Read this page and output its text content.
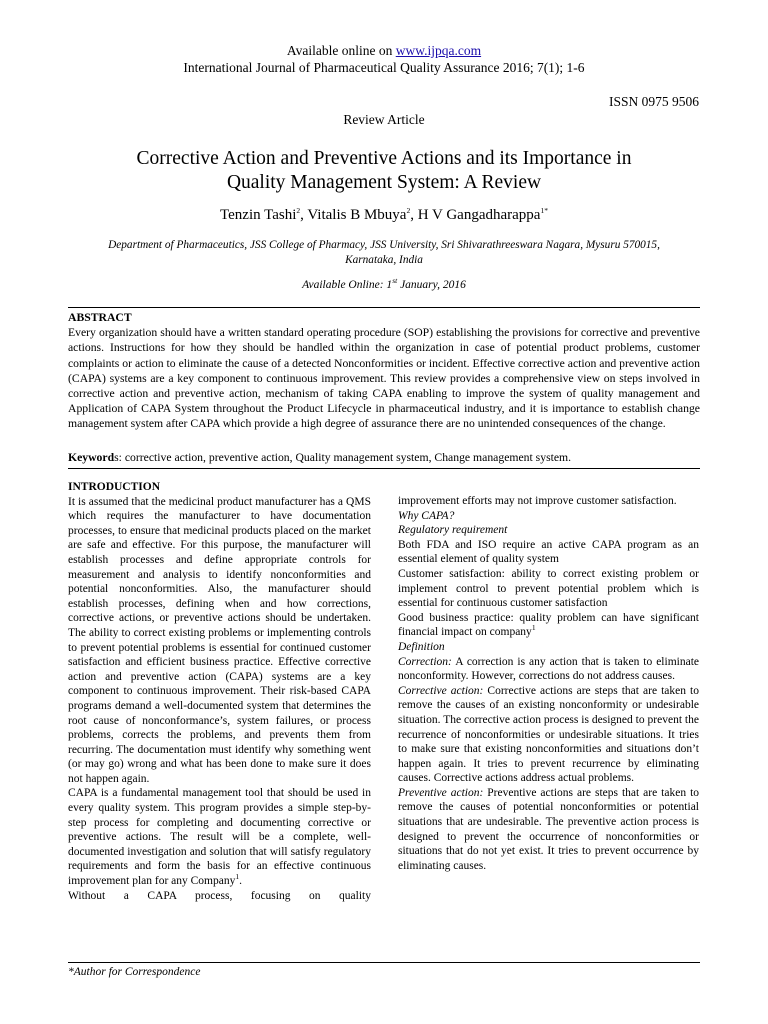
Available online on www.ijpqa.com
International Journal of Pharmaceutical Quality Assurance 2016; 7(1); 1-6
ISSN 0975 9506
Review Article
Corrective Action and Preventive Actions and its Importance in
Quality Management System: A Review
Tenzin Tashi$^2$, Vitalis B Mbuya$^2$, H V Gangadharappa$^{1*}$
Department of Pharmaceutics, JSS College of Pharmacy, JSS University, Sri Shivarathreeswara Nagara, Mysuru 570015, Karnataka, India
Available Online: 1st January, 2016
ABSTRACT
Every organization should have a written standard operating procedure (SOP) establishing the provisions for corrective and preventive actions. Instructions for how they should be handled within the organization in case of potential product problems, customer complaints or action to eliminate the cause of a detected Nonconformities or incident. Effective corrective action and preventive action (CAPA) systems are a key component to continuous improvement. This review provides a comprehensive view on steps involved in corrective action and preventive action, mechanism of taking CAPA enabling to improve the system of quality management and Application of CAPA System throughout the Product Lifecycle in pharmaceutical industry, and it is importance to establish change management system after CAPA which provide a high degree of assurance there are no unintended consequences of the change.
Keywords: corrective action, preventive action, Quality management system, Change management system.

INTRODUCTION

It is assumed that the medicinal product manufacturer has a QMS which requires the manufacturer to have documentation processes, to ensure that medicinal products placed on the market are safe and effective. For this purpose, the manufacturer will establish processes and define appropriate controls for measurement and analysis to identify nonconformities and potential nonconformities. Also, the manufacturer should establish processes, defining when and how corrections, corrective actions, or preventive actions should be undertaken. The ability to correct existing problems or implementing controls to prevent potential problems is essential for continued customer satisfaction and efficient business practice. Effective corrective action and preventive action (CAPA) systems are a key component to continuous improvement. Their risk-based CAPA programs demand a well-documented system that determines the root cause of nonconformance’s, system failures, or process problems, corrects the problems, and prevents them from recurring. The documentation must identify why something went (or may go) wrong and what has been done to make sure it does not happen again.

CAPA is a fundamental management tool that should be used in every quality system. This program provides a simple step-by-step process for completing and documenting corrective or preventive actions. The result will be a complete, well-documented investigation and solution that will satisfy regulatory requirements and form the basis for an effective continuous improvement plan for any Company$^1$.

Without a CAPA process, focusing on quality

improvement efforts may not improve customer satisfaction.

Why CAPA?

Regulatory requirement

Both FDA and ISO require an active CAPA program as an essential element of quality system

Customer satisfaction: ability to correct existing problem or implement control to prevent potential problem which is essential for continuous customer satisfaction

Good business practice: quality problem can have significant financial impact on company$^1$

Definition

Correction: A correction is any action that is taken to eliminate nonconformity. However, corrections do not address causes.

Corrective action: Corrective actions are steps that are taken to remove the causes of an existing nonconformity or undesirable situation. The corrective action process is designed to prevent the recurrence of nonconformities or undesirable situations. It tries to make sure that existing nonconformities and situations don’t happen again. It tries to prevent recurrence by eliminating causes. Corrective actions address actual problems.

Preventive action: Preventive actions are steps that are taken to remove the causes of potential nonconformities or potential situations that are undesirable. The preventive action process is designed to prevent the occurrence of nonconformities or situations that do not yet exist. It tries to prevent occurrence by eliminating causes.

*Author for Correspondence
